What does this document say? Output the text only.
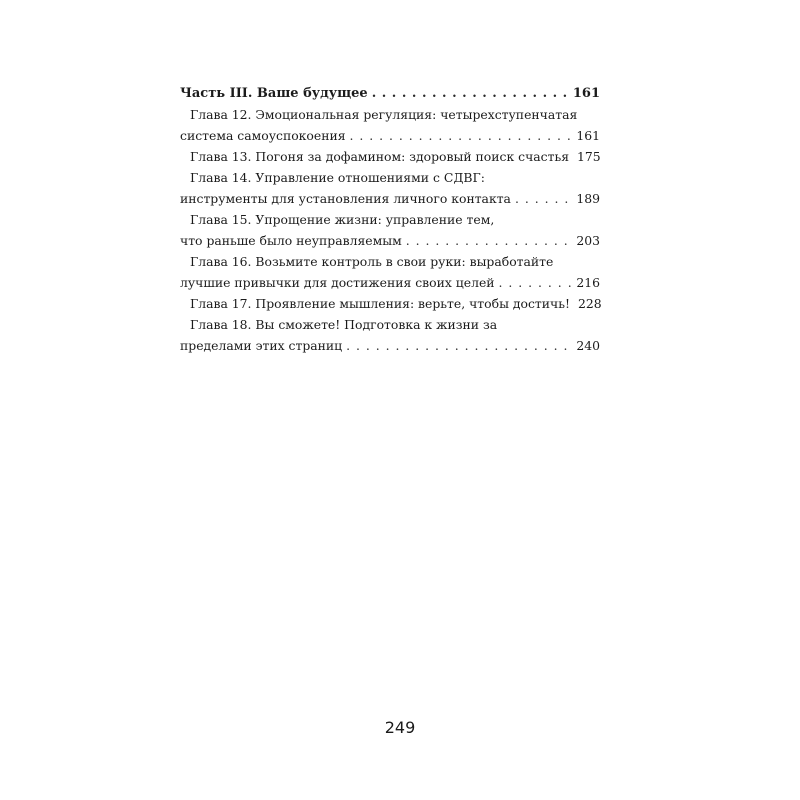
Часть III. Ваше будущее . . .	161
Глава 12. Эмоциональная регуляция: четырехступенчатая
система самоуспокоения . . .	161
Глава 13. Погоня за дофамином: здоровый поиск счастья 175
Глава 14. Управление отношениями с СДВГ:
инструменты для установления личного контакта . . .	189
Глава 15. Упрощение жизни: управление тем,
что раньше было неуправляемым . . .	203
Глава 16. Возьмите контроль в свои руки: выработайте
лучшие привычки для достижения своих целей . . .	216
Глава 17. Проявление мышления: верьте, чтобы достичь! 228
Глава 18. Вы сможете! Подготовка к жизни за
пределами этих страниц . . .	240
249
